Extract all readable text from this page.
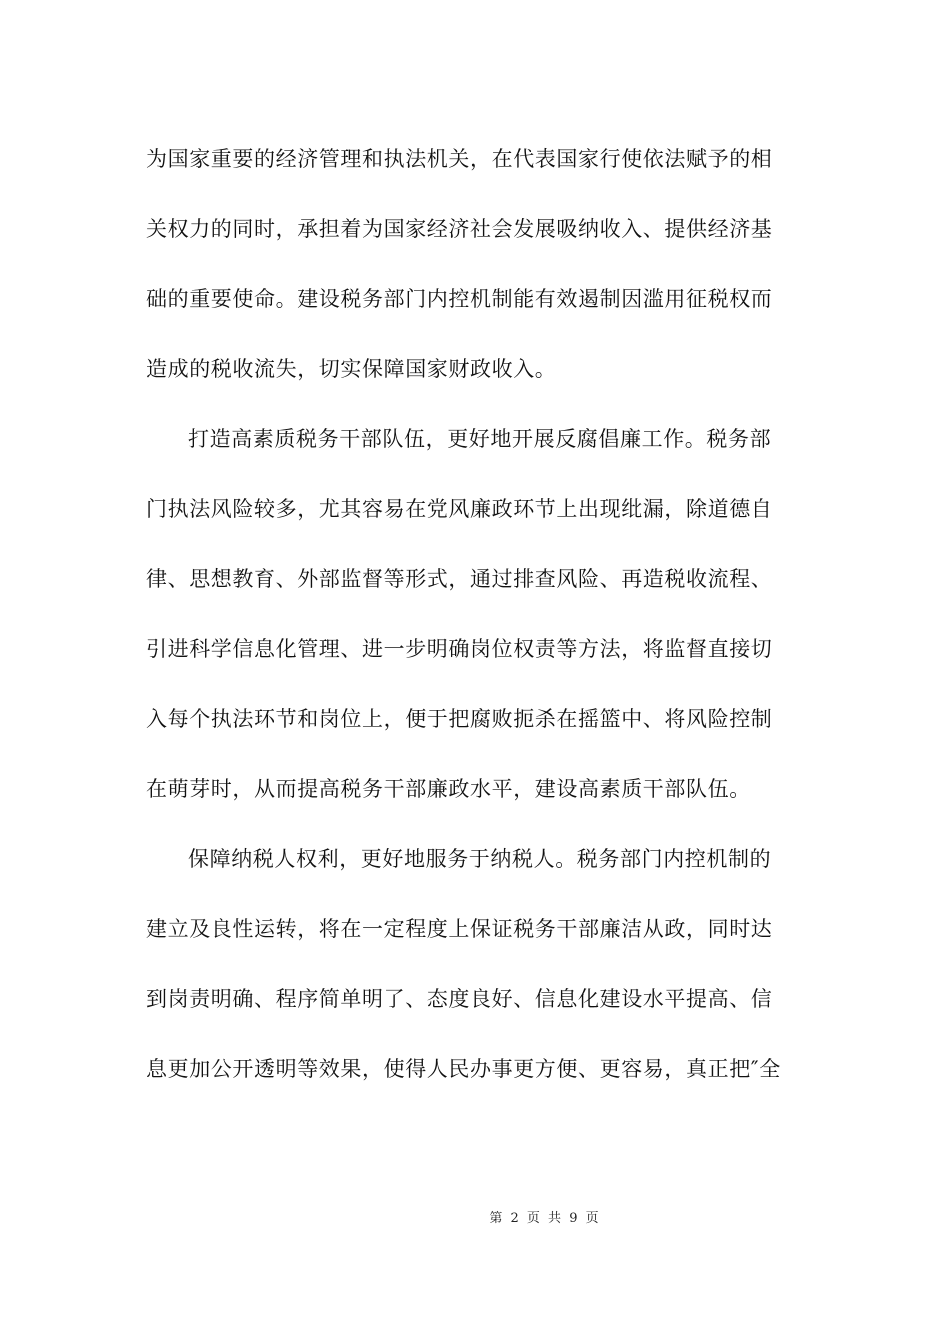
为国家重要的经济管理和执法机关，在代表国家行使依法赋予的相
关权力的同时，承担着为国家经济社会发展吸纳收入、提供经济基
础的重要使命。建设税务部门内控机制能有效遏制因滥用征税权而
造成的税收流失，切实保障国家财政收入。
打造高素质税务干部队伍，更好地开展反腐倡廉工作。税务部
门执法风险较多，尤其容易在党风廉政环节上出现纰漏，除道德自
律、思想教育、外部监督等形式，通过排查风险、再造税收流程、
引进科学信息化管理、进一步明确岗位权责等方法，将监督直接切
入每个执法环节和岗位上，便于把腐败扼杀在摇篮中、将风险控制
在萌芽时，从而提高税务干部廉政水平，建设高素质干部队伍。
保障纳税人权利，更好地服务于纳税人。税务部门内控机制的
建立及良性运转，将在一定程度上保证税务干部廉洁从政，同时达
到岗责明确、程序简单明了、态度良好、信息化建设水平提高、信
息更加公开透明等效果，使得人民办事更方便、更容易，真正把″全
第 2 页 共 9 页
